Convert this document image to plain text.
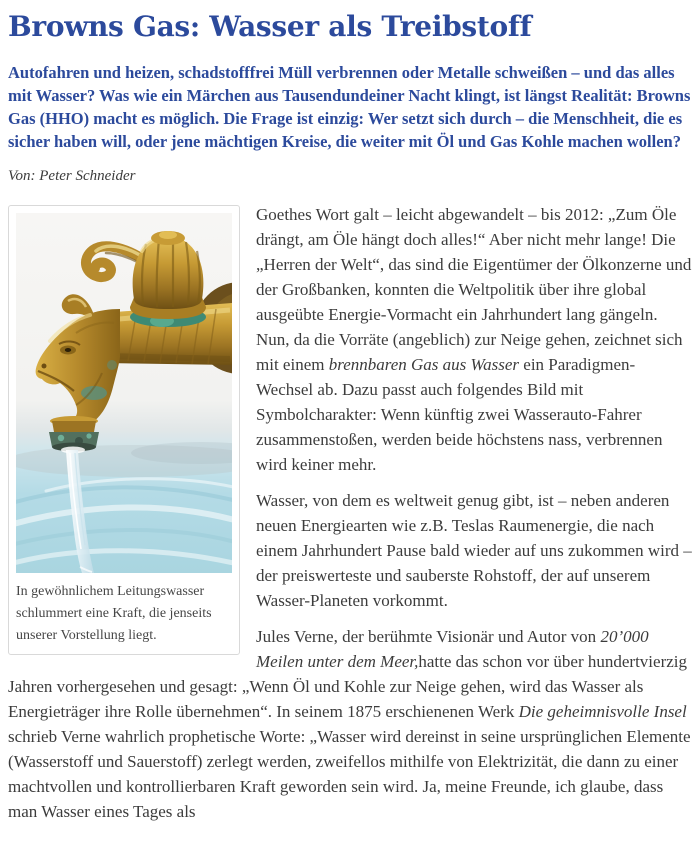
Browns Gas: Wasser als Treibstoff

Autofahren und heizen, schadstofffrei Müll verbrennen oder Metalle schweißen – und das alles mit Wasser? Was wie ein Märchen aus Tausendundeiner Nacht klingt, ist längst Realität: Browns Gas (HHO) macht es möglich. Die Frage ist einzig: Wer setzt sich durch – die Menschheit, die es sicher haben will, oder jene mächtigen Kreise, die weiter mit Öl und Gas Kohle machen wollen?

Von: Peter Schneider

In gewöhnlichem Leitungswasser schlummert eine Kraft, die jenseits unserer Vorstellung liegt.

Goethes Wort galt – leicht abgewandelt – bis 2012: „Zum Öle drängt, am Öle hängt doch alles!“ Aber nicht mehr lange! Die „Herren der Welt“, das sind die Eigentümer der Ölkonzerne und der Großbanken, konnten die Weltpolitik über ihre global ausgeübte Energie-Vormacht ein Jahrhundert lang gängeln. Nun, da die Vorräte (angeblich) zur Neige gehen, zeichnet sich mit einem brennbaren Gas aus Wasser ein Paradigmen-Wechsel ab. Dazu passt auch folgendes Bild mit Symbolcharakter: Wenn künftig zwei Wasserauto-Fahrer zusammenstoßen, werden beide höchstens nass, verbrennen wird keiner mehr.

Wasser, von dem es weltweit genug gibt, ist – neben anderen neuen Energiearten wie z.B. Teslas Raumenergie, die nach einem Jahrhundert Pause bald wieder auf uns zukommen wird – der preiswerteste und sauberste Rohstoff, der auf unserem Wasser-Planeten vorkommt.

Jules Verne, der berühmte Visionär und Autor von 20’000 Meilen unter dem Meer,hatte das schon vor über hundertvierzig Jahren vorhergesehen und gesagt: „Wenn Öl und Kohle zur Neige gehen, wird das Wasser als Energieträger ihre Rolle übernehmen“. In seinem 1875 erschienenen Werk Die geheimnisvolle Insel schrieb Verne wahrlich prophetische Worte: „Wasser wird dereinst in seine ursprünglichen Elemente (Wasserstoff und Sauerstoff) zerlegt werden, zweifellos mithilfe von Elektrizität, die dann zu einer machtvollen und kontrollierbaren Kraft geworden sein wird. Ja, meine Freunde, ich glaube, dass man Wasser eines Tages als
